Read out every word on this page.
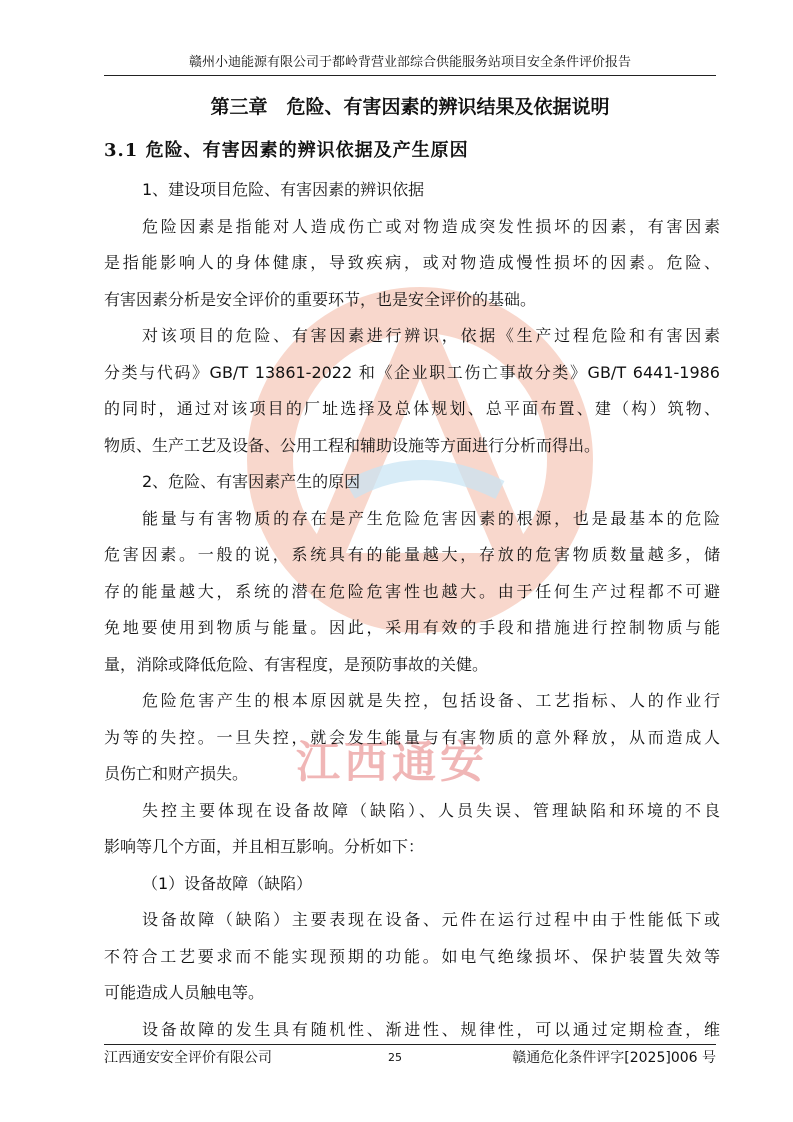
江西通安
赣州小迪能源有限公司于都岭背营业部综合供能服务站项目安全条件评价报告
第三章　危险、有害因素的辨识结果及依据说明
3.1 危险、有害因素的辨识依据及产生原因
1、建设项目危险、有害因素的辨识依据
危险因素是指能对人造成伤亡或对物造成突发性损坏的因素，有害因素
是指能影响人的身体健康，导致疾病，或对物造成慢性损坏的因素。危险、
有害因素分析是安全评价的重要环节，也是安全评价的基础。
对该项目的危险、有害因素进行辨识，依据《生产过程危险和有害因素
分类与代码》GB/T 13861-2022 和《企业职工伤亡事故分类》GB/T 6441-1986
的同时，通过对该项目的厂址选择及总体规划、总平面布置、建（构）筑物、
物质、生产工艺及设备、公用工程和辅助设施等方面进行分析而得出。
2、危险、有害因素产生的原因
能量与有害物质的存在是产生危险危害因素的根源，也是最基本的危险
危害因素。一般的说，系统具有的能量越大，存放的危害物质数量越多，储
存的能量越大，系统的潜在危险危害性也越大。由于任何生产过程都不可避
免地要使用到物质与能量。因此，采用有效的手段和措施进行控制物质与能
量，消除或降低危险、有害程度，是预防事故的关健。
危险危害产生的根本原因就是失控，包括设备、工艺指标、人的作业行
为等的失控。一旦失控，就会发生能量与有害物质的意外释放，从而造成人
员伤亡和财产损失。
失控主要体现在设备故障（缺陷）、人员失误、管理缺陷和环境的不良
影响等几个方面，并且相互影响。分析如下：
（1）设备故障（缺陷）
设备故障（缺陷）主要表现在设备、元件在运行过程中由于性能低下或
不符合工艺要求而不能实现预期的功能。如电气绝缘损坏、保护装置失效等
可能造成人员触电等。
设备故障的发生具有随机性、渐进性、规律性，可以通过定期检查，维
江西通安安全评价有限公司	25	赣通危化条件评字[2025]006 号
